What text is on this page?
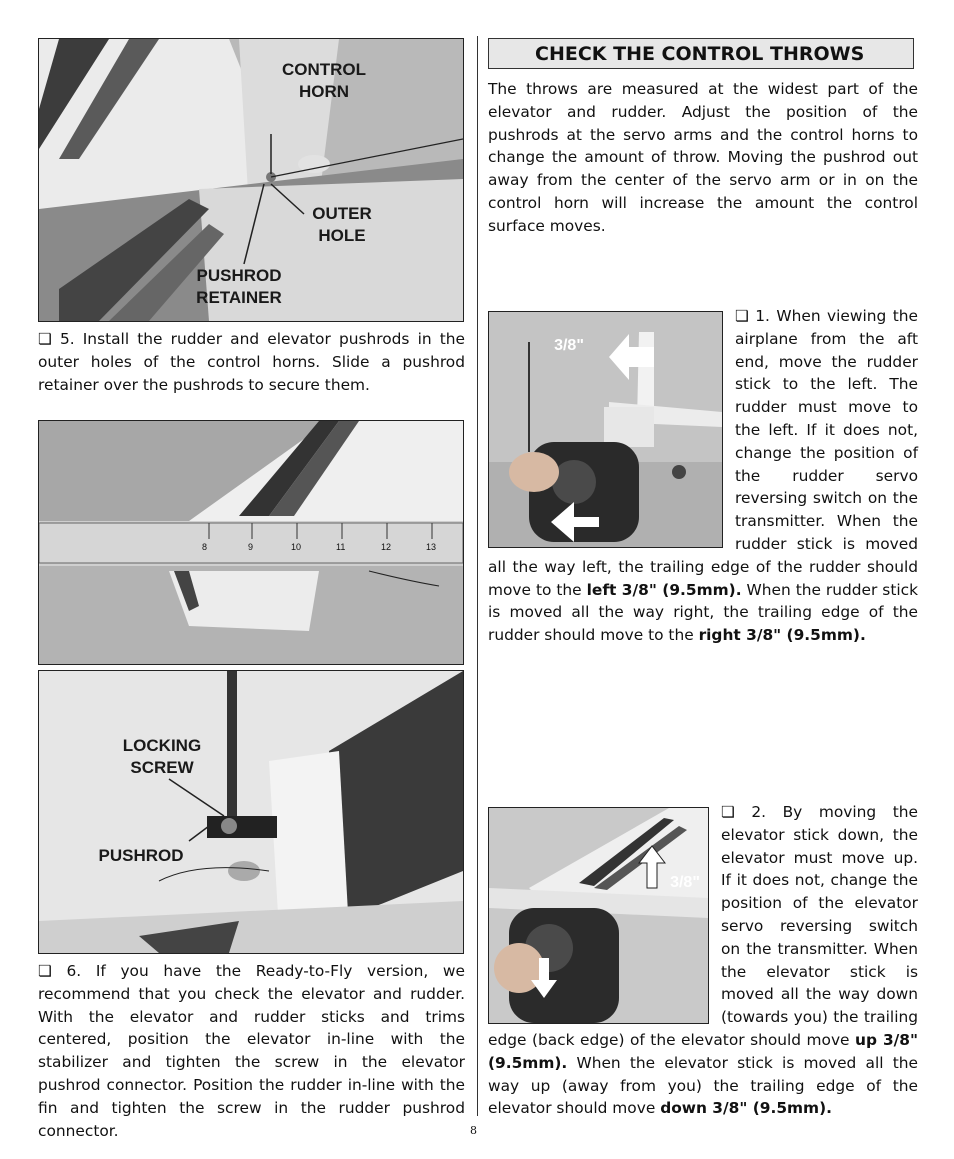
CONTROL
HORN
OUTER
HOLE
PUSHROD
RETAINER

❏ 5. Install the rudder and elevator pushrods in the outer holes of the control horns. Slide a pushrod retainer over the pushrods to secure them.

8	9	10	11	12	13
LOCKING
SCREW
PUSHROD

❏ 6. If you have the Ready-to-Fly version, we recommend that you check the elevator and rudder. With the elevator and rudder sticks and trims centered, position the elevator in-line with the stabilizer and tighten the screw in the elevator pushrod connector. Position the rudder in-line with the fin and tighten the screw in the rudder pushrod connector.

CHECK THE CONTROL THROWS

The throws are measured at the widest part of the elevator and rudder. Adjust the position of the pushrods at the servo arms and the control horns to change the amount of throw. Moving the pushrod out away from the center of the servo arm or in on the control horn will increase the amount the control surface moves.

3/8"
❏ 1. When viewing the airplane from the aft end, move the rudder stick to the left. The rudder must move to the left. If it does not, change the position of the rudder servo reversing switch on the transmitter. When the rudder stick is moved all the way left, the trailing edge of the rudder should move to the left 3/8" (9.5mm). When the rudder stick is moved all the way right, the trailing edge of the rudder should move to the right 3/8" (9.5mm).
3/8"
❏ 2. By moving the elevator stick down, the elevator must move up. If it does not, change the position of the elevator servo reversing switch on the transmitter. When the elevator stick is moved all the way down (towards you) the trailing edge (back edge) of the elevator should move up 3/8" (9.5mm). When the elevator stick is moved all the way up (away from you) the trailing edge of the elevator should move down 3/8" (9.5mm).
8
